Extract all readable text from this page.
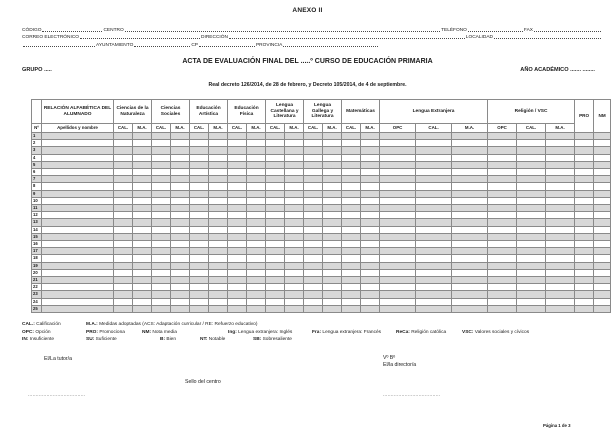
ANEXO II
CÓDIGO	CENTRO	TELÉFONO	FAX
CORREO ELECTRÓNICO	DIRECCIÓN	LOCALIDAD
AYUNTAMIENTO	CP	PROVINCIA
ACTA DE EVALUACIÓN FINAL DEL .....º CURSO DE EDUCACIÓN PRIMARIA
GRUPO .....	AÑO ACADÉMICO ....... ........
Real decreto 126/2014, de 28 de febrero, y Decreto 105/2014, de 4 de septiembre.
	RELACIÓN ALFABÉTICA DEL ALUMNADO	Ciencias de la Naturaleza		Ciencias Sociales		Educación Artística		Educación Física		Lengua Castellana y Literatura		Lengua Gallega y Literatura		Matemáticas		Lengua Extranjera			Religión / VSC			PRO	NM
Nº	Apellidos y nombre	CAL.	M.A.	CAL.	M.A.	CAL.	M.A.	CAL.	M.A.	CAL.	M.A.	CAL.	M.A.	CAL.	M.A.	OPC	CAL.	M.A.	OPC	CAL.	M.A.		
1																							
2																							
3																							
4																							
5																							
6																							
7																							
8																							
9																							
10																							
11																							
12																							
13																							
14																							
15																							
16																							
17																							
18																							
19																							
20																							
21																							
22																							
23																							
24																							
25																							
CAL.: Calificación	M.A.: Medidas adoptadas (ACS: Adaptación curricular / RE: Refuerzo educativo)
OPC: Opción	PRO: Promociona	NM: Nota media	Ing: Lengua extranjera: Inglés	Fra: Lengua extranjera: Francés	ReCa: Religión católica	VSC: Valores sociales y cívicos
IN: Insuficiente	SU: Suficiente	B: Bien	NT: Notable	SB: Sobresaliente
El/La tutor/a	Vº Bº
El/la director/a
Sello del centro
.....................................	.....................................
Página 1 de 3
